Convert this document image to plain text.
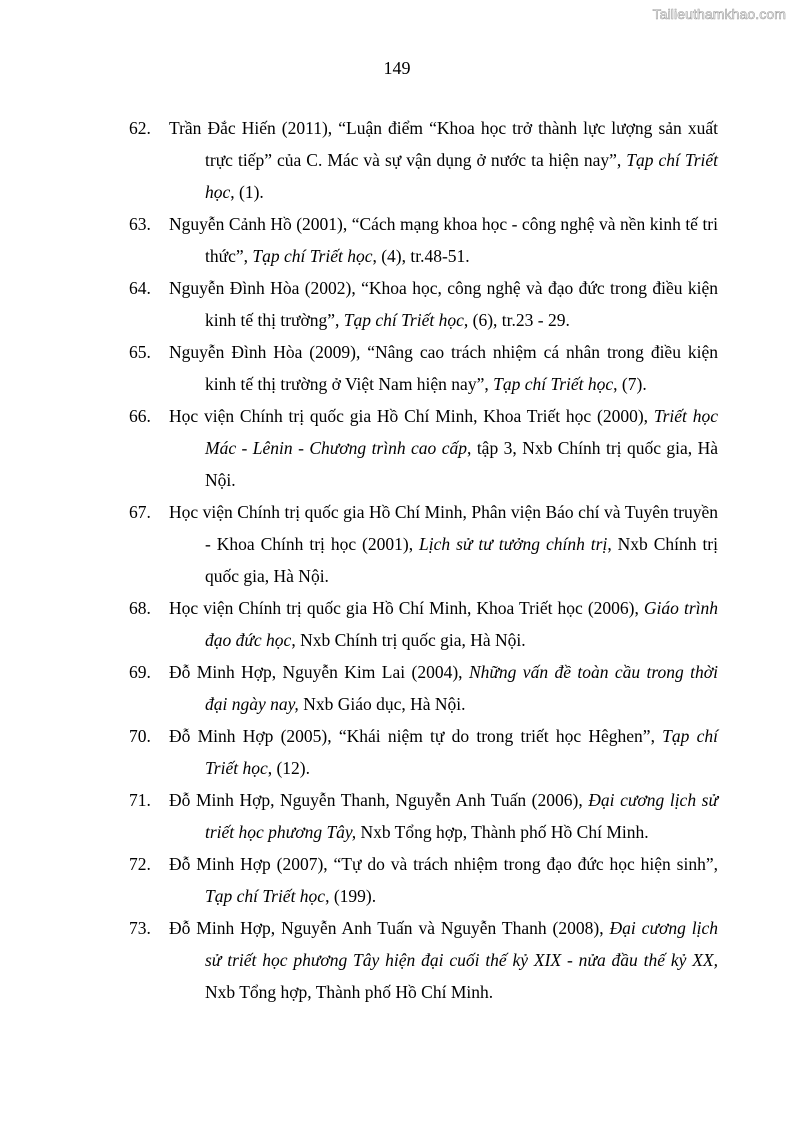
Tailieuthamkhao.com
149
62. Trần Đắc Hiến (2011), “Luận điểm “Khoa học trở thành lực lượng sản xuất trực tiếp” của C. Mác và sự vận dụng ở nước ta hiện nay”, Tạp chí Triết học, (1).
63. Nguyễn Cảnh Hồ (2001), “Cách mạng khoa học - công nghệ và nền kinh tế tri thức”, Tạp chí Triết học, (4), tr.48-51.
64. Nguyễn Đình Hòa (2002), “Khoa học, công nghệ và đạo đức trong điều kiện kinh tế thị trường”, Tạp chí Triết học, (6), tr.23 - 29.
65. Nguyễn Đình Hòa (2009), “Nâng cao trách nhiệm cá nhân trong điều kiện kinh tế thị trường ở Việt Nam hiện nay”, Tạp chí Triết học, (7).
66. Học viện Chính trị quốc gia Hồ Chí Minh, Khoa Triết học (2000), Triết học Mác - Lênin - Chương trình cao cấp, tập 3, Nxb Chính trị quốc gia, Hà Nội.
67. Học viện Chính trị quốc gia Hồ Chí Minh, Phân viện Báo chí và Tuyên truyền - Khoa Chính trị học (2001), Lịch sử tư tưởng chính trị, Nxb Chính trị quốc gia, Hà Nội.
68. Học viện Chính trị quốc gia Hồ Chí Minh, Khoa Triết học (2006), Giáo trình đạo đức học, Nxb Chính trị quốc gia, Hà Nội.
69. Đỗ Minh Hợp, Nguyễn Kim Lai (2004), Những vấn đề toàn cầu trong thời đại ngày nay, Nxb Giáo dục, Hà Nội.
70. Đỗ Minh Hợp (2005), “Khái niệm tự do trong triết học Hêghen”, Tạp chí Triết học, (12).
71. Đỗ Minh Hợp, Nguyễn Thanh, Nguyễn Anh Tuấn (2006), Đại cương lịch sử triết học phương Tây, Nxb Tổng hợp, Thành phố Hồ Chí Minh.
72. Đỗ Minh Hợp (2007), “Tự do và trách nhiệm trong đạo đức học hiện sinh”, Tạp chí Triết học, (199).
73. Đỗ Minh Hợp, Nguyễn Anh Tuấn và Nguyễn Thanh (2008), Đại cương lịch sử triết học phương Tây hiện đại cuối thế kỷ XIX - nửa đầu thế kỷ XX, Nxb Tổng hợp, Thành phố Hồ Chí Minh.
